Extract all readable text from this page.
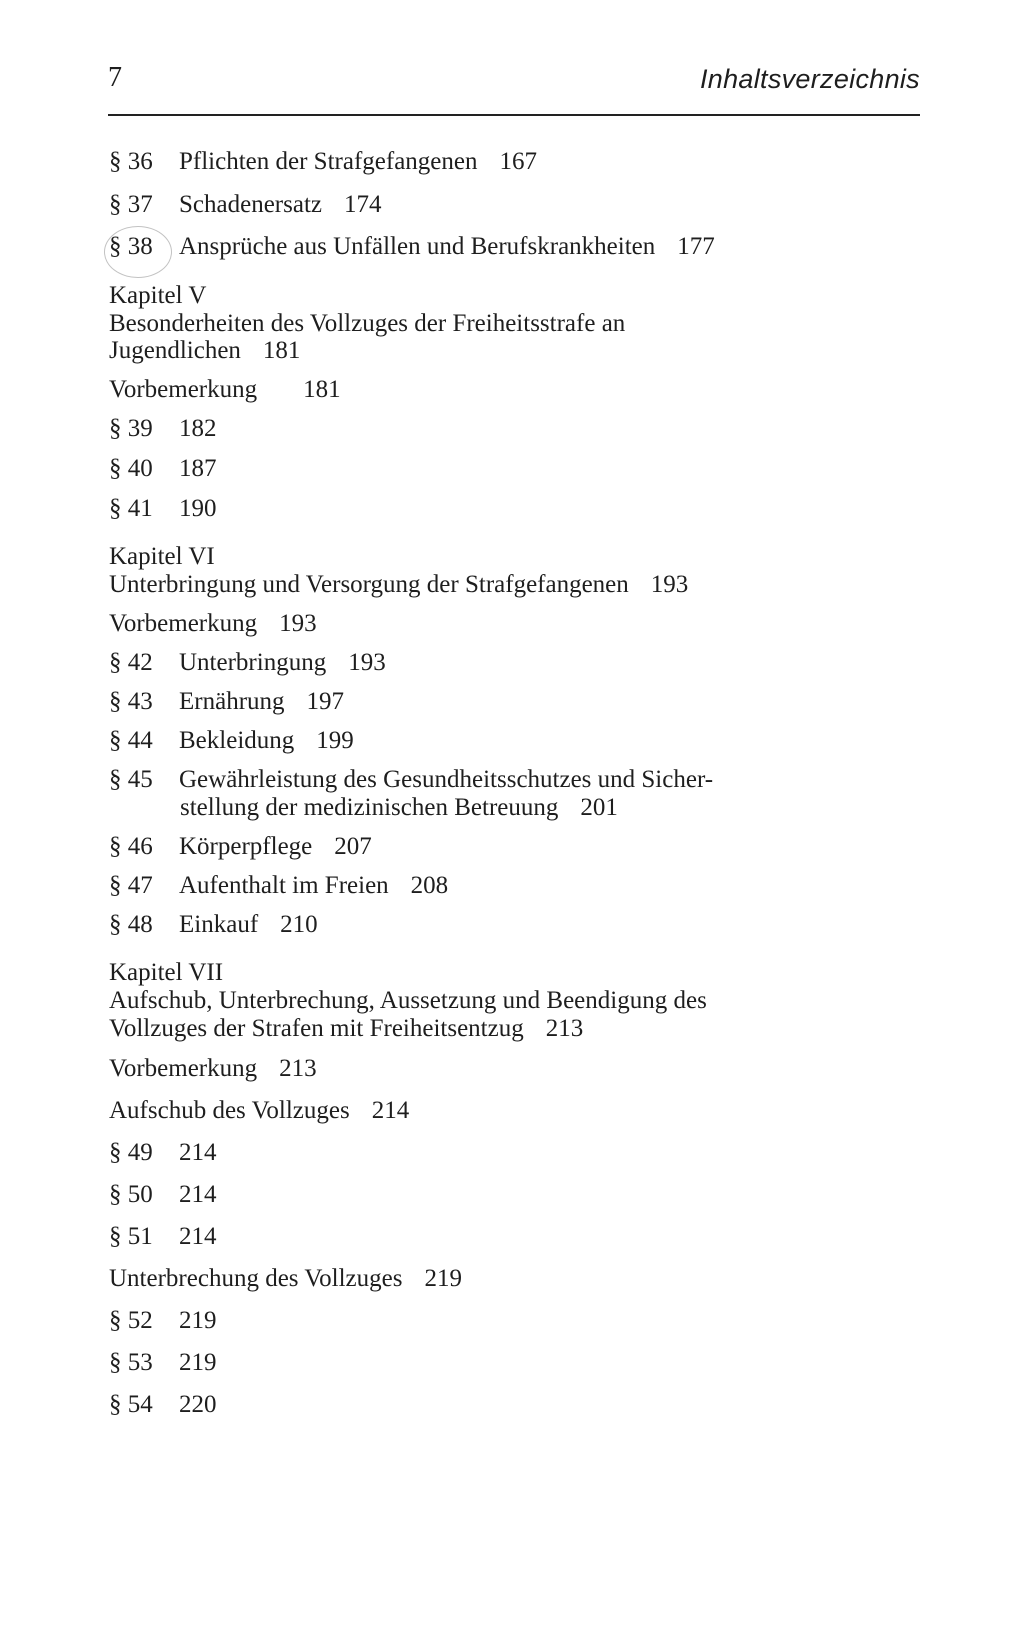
7	Inhaltsverzeichnis
§ 36 Pflichten der Strafgefangenen 167
§ 37 Schadenersatz 174
§ 38 Ansprüche aus Unfällen und Berufskrankheiten 177
Kapitel V
Besonderheiten des Vollzuges der Freiheitsstrafe an
Jugendlichen 181
Vorbemerkung 181
§ 39 182
§ 40 187
§ 41 190
Kapitel VI
Unterbringung und Versorgung der Strafgefangenen 193
Vorbemerkung 193
§ 42 Unterbringung 193
§ 43 Ernährung 197
§ 44 Bekleidung 199
§ 45 Gewährleistung des Gesundheitsschutzes und Sicher-
stellung der medizinischen Betreuung 201
§ 46 Körperpflege 207
§ 47 Aufenthalt im Freien 208
§ 48 Einkauf 210
Kapitel VII
Aufschub, Unterbrechung, Aussetzung und Beendigung des
Vollzuges der Strafen mit Freiheitsentzug 213
Vorbemerkung 213
Aufschub des Vollzuges 214
§ 49 214
§ 50 214
§ 51 214
Unterbrechung des Vollzuges 219
§ 52 219
§ 53 219
§ 54 220
